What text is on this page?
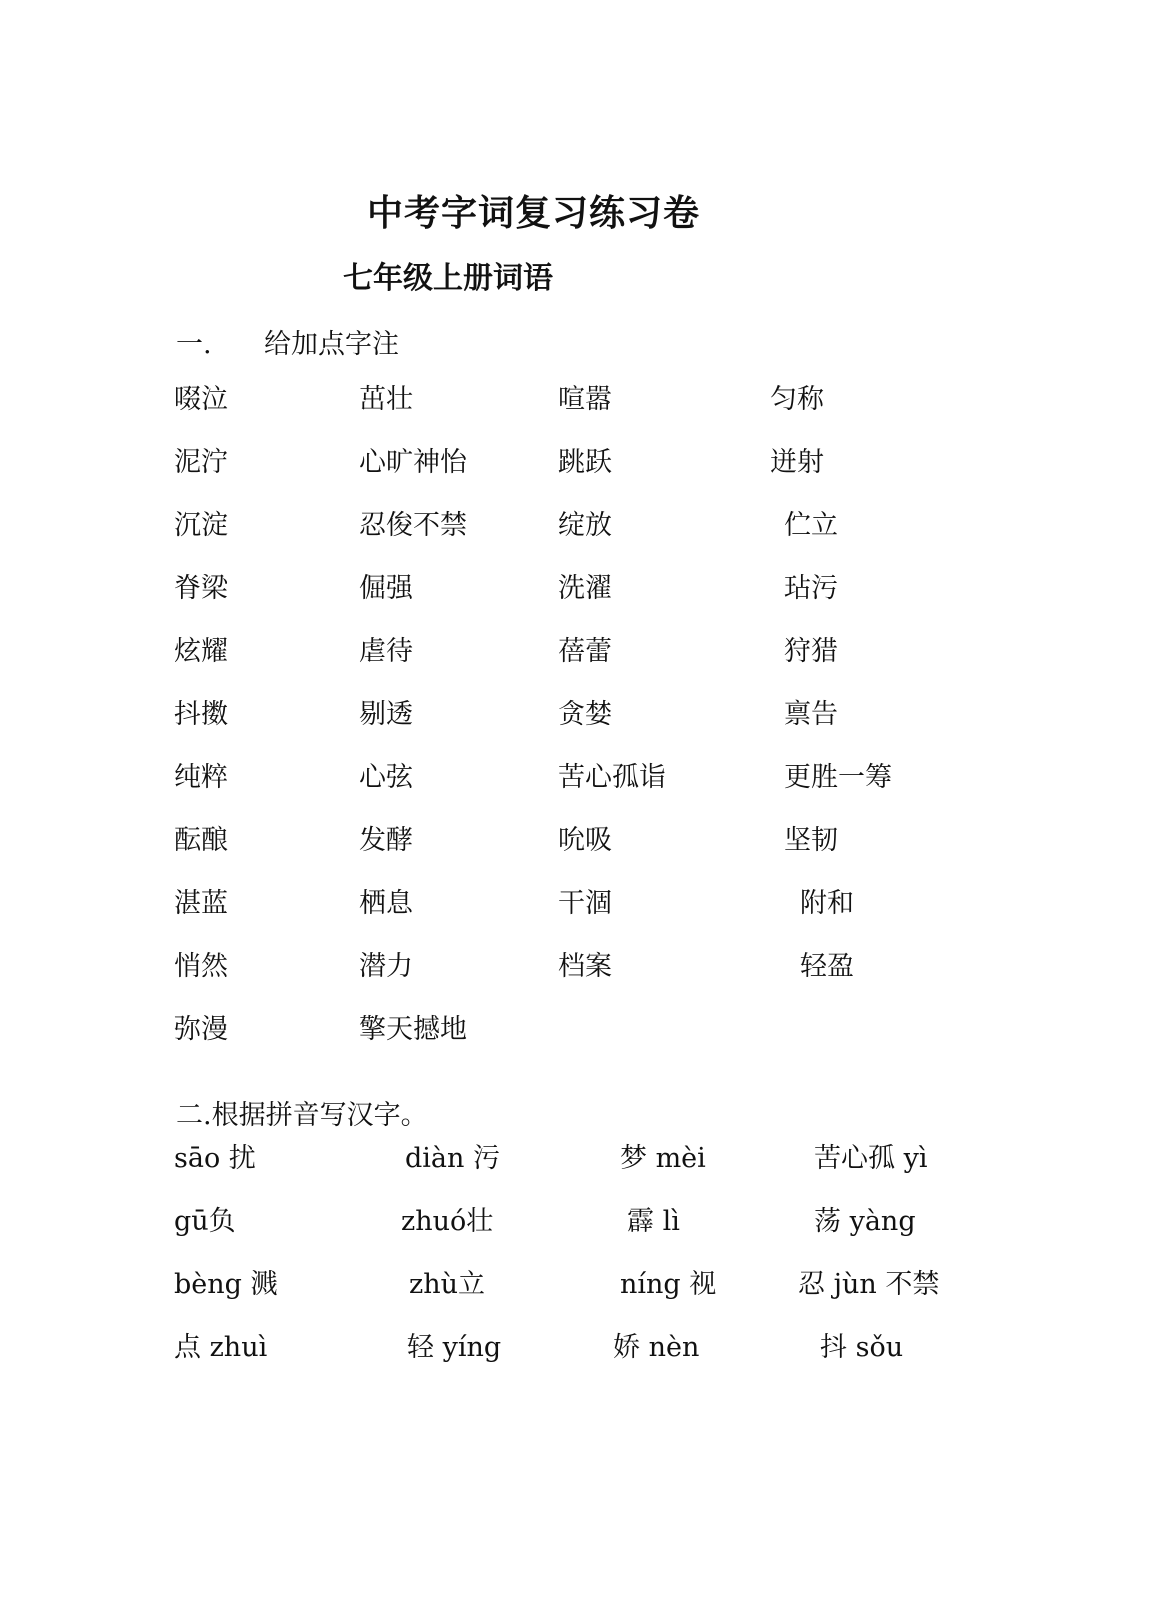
中考字词复习练习卷
七年级上册词语
一. 给加点字注
啜泣	茁壮	喧嚣	匀称
泥泞	心旷神怡	跳跃	迸射
沉淀	忍俊不禁	绽放	伫立
脊梁	倔强	洗濯	玷污
炫耀	虐待	蓓蕾	狩猎
抖擞	剔透	贪婪	禀告
纯粹	心弦	苦心孤诣	更胜一筹
酝酿	发酵	吮吸	坚韧
湛蓝	栖息	干涸	附和
悄然	潜力	档案	轻盈
弥漫	擎天撼地
二.根据拼音写汉字。
sāo 扰	diàn 污	梦 mèi	苦心孤 yì
gū负	zhuó壮	霹 lì	荡 yàng
bèng 溅	zhù立	níng 视	忍 jùn 不禁
点 zhuì	轻 yíng	娇 nèn	抖 sǒu
